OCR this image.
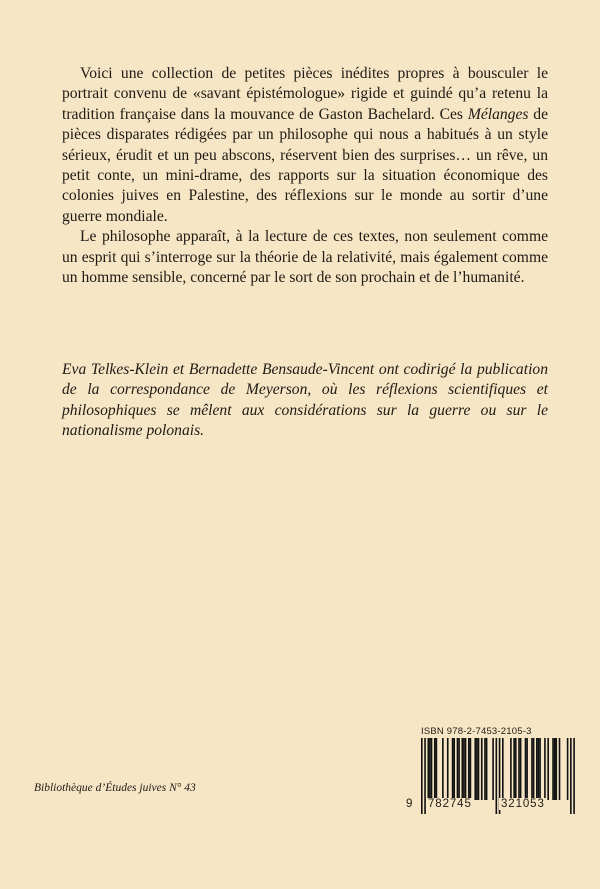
Voici une collection de petites pièces inédites propres à bousculer le portrait convenu de «savant épistémologue» rigide et guindé qu’a retenu la tradition française dans la mouvance de Gaston Bachelard. Ces Mélanges de pièces disparates rédigées par un philosophe qui nous a habitués à un style sérieux, érudit et un peu abscons, réservent bien des surprises… un rêve, un petit conte, un mini-drame, des rapports sur la situation économique des colonies juives en Palestine, des réflexions sur le monde au sortir d’une guerre mondiale.

Le philosophe apparaît, à la lecture de ces textes, non seulement comme un esprit qui s’interroge sur la théorie de la relativité, mais également comme un homme sensible, concerné par le sort de son prochain et de l’humanité.

Eva Telkes-Klein et Bernadette Bensaude-Vincent ont codirigé la publication de la correspondance de Meyerson, où les réflexions scientifiques et philosophiques se mêlent aux considérations sur la guerre ou sur le nationalisme polonais.

Bibliothèque d’Études juives N° 43

ISBN 978-2-7453-2105-3

9 782745	321053
